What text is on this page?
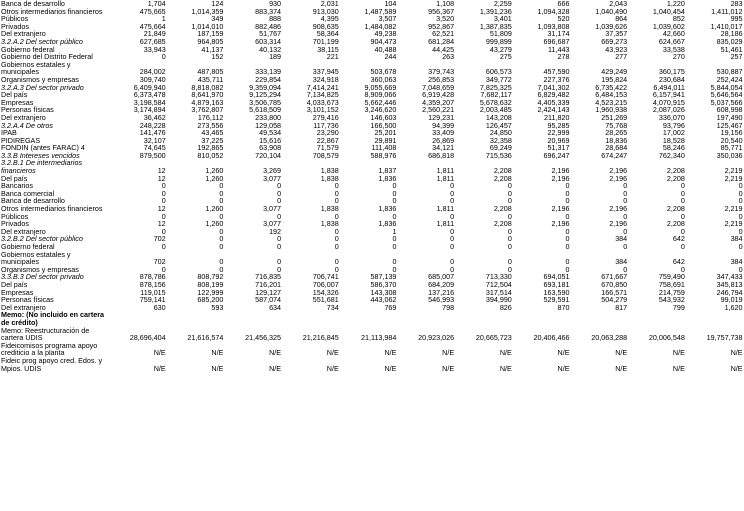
Banca de desarrollo	1,704	124	930	2,031	104	1,108	2,259	666	2,043	1,220	283
Otros intermediarios financieros	475,665	1,014,359	883,374	913,030	1,487,589	956,367	1,391,236	1,094,328	1,040,490	1,040,454	1,411,012
Públicos	1	349	888	4,395	3,507	3,520	3,401	520	864	852	995
Privados	475,664	1,014,010	882,486	908,635	1,484,082	952,867	1,387,835	1,093,808	1,039,626	1,039,602	1,410,017
Del extranjero	21,849	187,159	51,767	58,364	49,238	62,521	51,809	31,174	37,357	42,660	28,186
3.2.A.2 Del sector público	627,685	964,805	603,314	701,199	904,473	681,284	999,899	696,687	669,273	624,667	835,029
Gobierno federal	33,943	41,137	40,132	38,115	40,488	44,425	43,279	11,443	43,923	33,538	51,461
Gobierno del Distrito Federal	0	152	189	221	244	263	275	278	277	270	257
Gobiernos estatales y municipales	284,002	487,805	333,139	337,945	503,678	379,743	606,573	457,590	429,249	360,175	530,887
Organismos y empresas	309,740	435,711	229,854	324,918	360,063	256,853	349,772	227,376	195,824	230,684	252,424
3.2.A.3 Del sector privado	6,409,940	8,818,082	9,359,094	7,414,241	9,055,669	7,048,659	7,825,325	7,041,302	6,735,422	6,494,011	5,844,054
Del país	6,373,478	8,641,970	9,125,294	7,134,825	8,909,066	6,919,428	7,682,117	6,829,482	6,484,153	6,157,941	5,646,564
Empresas	3,198,584	4,879,163	3,506,785	4,033,673	5,662,446	4,359,207	5,678,632	4,405,339	4,523,215	4,070,915	5,037,566
Personas físicas	3,174,894	3,762,807	5,618,509	3,101,152	3,246,620	2,560,221	2,003,485	2,424,143	1,960,938	2,087,026	608,998
Del extranjero	36,462	176,112	233,800	279,416	146,603	129,231	143,208	211,820	251,269	336,070	197,490
3.2.A.4 De otros	248,228	273,556	129,058	117,736	166,500	94,399	126,457	95,285	75,768	93,796	125,467
IPAB	141,476	43,465	49,534	23,290	25,201	33,409	24,850	22,999	28,265	17,002	19,156
PIDIREGAS	32,107	37,225	15,616	22,867	29,891	26,869	32,358	20,969	18,836	18,528	20,540
FONDIN (antes FARAC) 4	74,645	192,865	63,908	71,579	111,408	34,121	69,249	51,317	28,684	58,246	85,771
3.3.B Intereses vencidos	879,500	810,052	720,104	708,579	588,976	686,818	715,536	696,247	674,247	762,340	350,036
3.2.B.1 De intermediarios financieros	12	1,260	3,269	1,838	1,837	1,811	2,208	2,196	2,196	2,208	2,219
Del país	12	1,260	3,077	1,838	1,836	1,811	2,208	2,196	2,196	2,208	2,219
Bancarios	0	0	0	0	0	0	0	0	0	0	0
Banca comercial	0	0	0	0	0	0	0	0	0	0	0
Banca de desarrollo	0	0	0	0	0	0	0	0	0	0	0
Otros intermediarios financieros	12	1,260	3,077	1,838	1,836	1,811	2,208	2,196	2,196	2,208	2,219
Públicos	0	0	0	0	0	0	0	0	0	0	0
Privados	12	1,260	3,077	1,838	1,836	1,811	2,208	2,196	2,196	2,208	2,219
Del extranjero	0	0	192	0	1	0	0	0	0	0	0
3.2.B.2 Del sector público	702	0	0	0	0	0	0	0	384	642	384
Gobierno federal	0	0	0	0	0	0	0	0	0	0	0
Gobiernos estatales y municipales	702	0	0	0	0	0	0	0	384	642	384
Organismos y empresas	0	0	0	0	0	0	0	0	0	0	0
3.3.B.3 Del sector privado	878,786	808,792	716,835	706,741	587,139	685,007	713,330	694,051	671,667	759,490	347,433
Del país	878,156	808,199	716,201	706,007	586,370	684,209	712,504	693,181	670,850	758,691	345,813
Empresas	119,015	122,999	129,127	154,326	143,308	137,216	317,514	163,590	166,571	214,759	246,794
Personas físicas	759,141	685,200	587,074	551,681	443,062	546,993	394,990	529,591	504,279	543,932	99,019
Del extranjero	630	593	634	734	769	798	826	870	817	799	1,620
Memo: (No incluido en cartera de crédito)											
Memo: Reestructuración de cartera UDIS	28,696,404	21,616,574	21,456,325	21,216,845	21,113,984	20,923,026	20,665,723	20,406,466	20,063,288	20,006,548	19,757,738
Fideicomisos programa apoyo crediticio a la planta	N/E	N/E	N/E	N/E	N/E	N/E	N/E	N/E	N/E	N/E	N/E
Fideic prog apoyo cred. Edos. y Mpios. UDIS	N/E	N/E	N/E	N/E	N/E	N/E	N/E	N/E	N/E	N/E	N/E
